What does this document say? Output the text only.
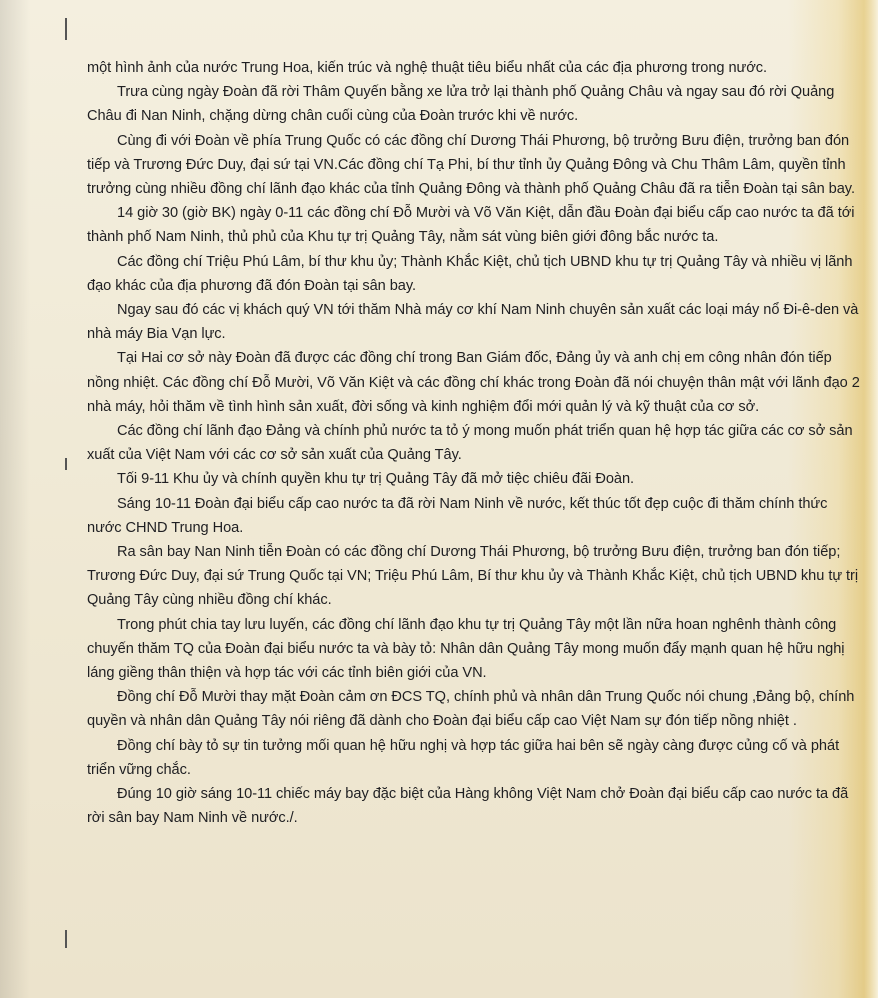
một hình ảnh của nước Trung Hoa, kiến trúc và nghệ thuật tiêu biểu nhất của các địa phương trong nước.

Trưa cùng ngày Đoàn đã rời Thâm Quyến bằng xe lửa trở lại thành phố Quảng Châu và ngay sau đó rời Quảng Châu đi Nan Ninh, chặng dừng chân cuối cùng của Đoàn trước khi về nước.

Cùng đi với Đoàn về phía Trung Quốc có các đồng chí Dương Thái Phương, bộ trưởng Bưu điện, trưởng ban đón tiếp và Trương Đức Duy, đại sứ tại VN.Các đồng chí Tạ Phi, bí thư tỉnh ủy Quảng Đông và Chu Thâm Lâm, quyền tỉnh trưởng cùng nhiều đồng chí lãnh đạo khác của tỉnh Quảng Đông và thành phố Quảng Châu đã ra tiễn Đoàn tại sân bay.

14 giờ 30 (giờ BK) ngày 0-11 các đồng chí Đỗ Mười và Võ Văn Kiệt, dẫn đầu Đoàn đại biểu cấp cao nước ta đã tới thành phố Nam Ninh, thủ phủ của Khu tự trị Quảng Tây, nằm sát vùng biên giới đông bắc nước ta.

Các đồng chí Triệu Phú Lâm, bí thư khu ủy; Thành Khắc Kiệt, chủ tịch UBND khu tự trị Quảng Tây và nhiều vị lãnh đạo khác của địa phương đã đón Đoàn tại sân bay.

Ngay sau đó các vị khách quý VN tới thăm Nhà máy cơ khí Nam Ninh chuyên sản xuất các loại máy nổ Đi-ê-den và nhà máy Bia Vạn lực.

Tại Hai cơ sở này Đoàn đã được các đồng chí trong Ban Giám đốc, Đảng ủy và anh chị em công nhân đón tiếp nồng nhiệt. Các đồng chí Đỗ Mười, Võ Văn Kiệt và các đồng chí khác trong Đoàn đã nói chuyện thân mật với lãnh đạo 2 nhà máy, hỏi thăm về tình hình sản xuất, đời sống và kinh nghiệm đổi mới quản lý và kỹ thuật của cơ sở.

Các đồng chí lãnh đạo Đảng và chính phủ nước ta tỏ ý mong muốn phát triển quan hệ hợp tác giữa các cơ sở sản xuất của Việt Nam với các cơ sở sản xuất của Quảng Tây.

Tối 9-11 Khu ủy và chính quyền khu tự trị Quảng Tây đã mở tiệc chiêu đãi Đoàn.

Sáng 10-11 Đoàn đại biểu cấp cao nước ta đã rời Nam Ninh về nước, kết thúc tốt đẹp cuộc đi thăm chính thức nước CHND Trung Hoa.

Ra sân bay Nan Ninh tiễn Đoàn có các đồng chí Dương Thái Phương, bộ trưởng Bưu điện, trưởng ban đón tiếp; Trương Đức Duy, đại sứ Trung Quốc tại VN; Triệu Phú Lâm, Bí thư khu ủy và Thành Khắc Kiệt, chủ tịch UBND khu tự trị Quảng Tây cùng nhiều đồng chí khác.

Trong phút chia tay lưu luyến, các đồng chí lãnh đạo khu tự trị Quảng Tây một lần nữa hoan nghênh thành công chuyến thăm TQ của Đoàn đại biểu nước ta và bày tỏ: Nhân dân Quảng Tây mong muốn đẩy mạnh quan hệ hữu nghị láng giềng thân thiện và hợp tác với các tỉnh biên giới của VN.

Đồng chí Đỗ Mười thay mặt Đoàn cảm ơn ĐCS TQ, chính phủ và nhân dân Trung Quốc nói chung ,Đảng bộ, chính quyền và nhân dân Quảng Tây nói riêng đã dành cho Đoàn đại biểu cấp cao Việt Nam sự đón tiếp nồng nhiệt .

Đồng chí bày tỏ sự tin tưởng mối quan hệ hữu nghị và hợp tác giữa hai bên sẽ ngày càng được củng cố và phát triển vững chắc.

Đúng 10 giờ sáng 10-11 chiếc máy bay đặc biệt của Hàng không Việt Nam chở Đoàn đại biểu cấp cao nước ta đã rời sân bay Nam Ninh về nước./.
